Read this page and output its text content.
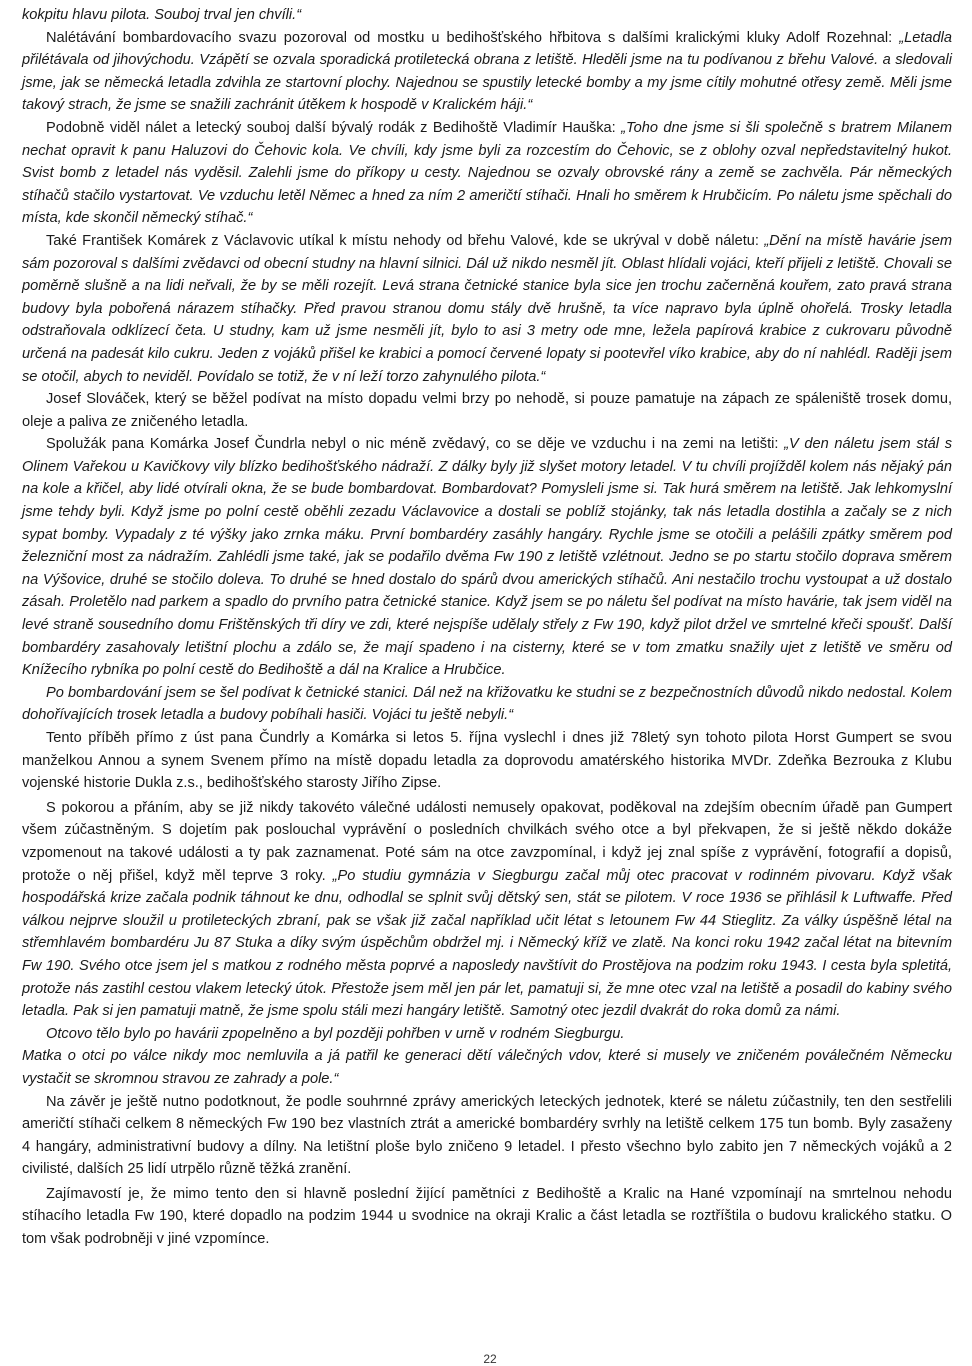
kokpitu hlavu pilota. Souboj trval jen chvíli.“

Nalétávání bombardovacího svazu pozoroval od mostku u bedihošťského hřbitova s dalšími kralickými kluky Adolf Rozehnal: „Letadla přilétávala od jihovýchodu. Vzápětí se ozvala sporadická protiletecká obrana z letiště. Hleděli jsme na tu podívanou z břehu Valové. a sledovali jsme, jak se německá letadla zdvihla ze startovní plochy. Najednou se spustily letecké bomby a my jsme cítily mohutné otřesy země. Měli jsme takový strach, že jsme se snažili zachránit útěkem k hospodě v Kralickém háji.“

Podobně viděl nálet a letecký souboj další bývalý rodák z Bedihoště Vladimír Hauška: „Toho dne jsme si šli společně s bratrem Milanem nechat opravit k panu Haluzovi do Čehovic kola. Ve chvíli, kdy jsme byli za rozcestím do Čehovic, se z oblohy ozval nepředstavitelný hukot. Svist bomb z letadel nás vyděsil. Zalehli jsme do příkopy u cesty. Najednou se ozvaly obrovské rány a země se zachvěla. Pár německých stíhačů stačilo vystartovat. Ve vzduchu letěl Němec a hned za ním 2 američtí stíhači. Hnali ho směrem k Hrubčicím. Po náletu jsme spěchali do místa, kde skončil německý stíhač.“

Také František Komárek z Václavovic utíkal k místu nehody od břehu Valové, kde se ukrýval v době náletu: „Dění na místě havárie jsem sám pozoroval s dalšími zvědavci od obecní studny na hlavní silnici. Dál už nikdo nesměl jít. Oblast hlídali vojáci, kteří přijeli z letiště. Chovali se poměrně slušně a na lidi neřvali, že by se měli rozejít. Levá strana četnické stanice byla sice jen trochu začerněná kouřem, zato pravá strana budovy byla pobořená nárazem stíhačky. Před pravou stranou domu stály dvě hrušně, ta více napravo byla úplně ohořelá. Trosky letadla odstraňovala odklízecí četa. U studny, kam už jsme nesměli jít, bylo to asi 3 metry ode mne, ležela papírová krabice z cukrovaru původně určená na padesát kilo cukru. Jeden z vojáků přišel ke krabici a pomocí červené lopaty si pootevřel víko krabice, aby do ní nahlédl. Raději jsem se otočil, abych to neviděl. Povídalo se totiž, že v ní leží torzo zahynulého pilota.“

Josef Slováček, který se běžel podívat na místo dopadu velmi brzy po nehodě, si pouze pamatuje na zápach ze spáleniště trosek domu, oleje a paliva ze zničeného letadla.

Spolužák pana Komárka Josef Čundrla nebyl o nic méně zvědavý, co se děje ve vzduchu i na zemi na letišti: „V den náletu jsem stál s Olinem Vařekou u Kavičkovy vily blízko bedihošťského nádraží. Z dálky byly již slyšet motory letadel. V tu chvíli projížděl kolem nás nějaký pán na kole a křičel, aby lidé otvírali okna, že se bude bombardovat. Bombardovat? Pomysleli jsme si. Tak hurá směrem na letiště. Jak lehkomyslní jsme tehdy byli. Když jsme po polní cestě oběhli zezadu Václavovice a dostali se poblíž stojánky, tak nás letadla dostihla a začaly se z nich sypat bomby. Vypadaly z té výšky jako zrnka máku. První bombardéry zasáhly hangáry. Rychle jsme se otočili a pelášili zpátky směrem pod železniční most za nádražím. Zahlédli jsme také, jak se podařilo dvěma Fw 190 z letiště vzlétnout. Jedno se po startu stočilo doprava směrem na Výšovice, druhé se stočilo doleva. To druhé se hned dostalo do spárů dvou amerických stíhačů. Ani nestačilo trochu vystoupat a už dostalo zásah. Proletělo nad parkem a spadlo do prvního patra četnické stanice. Když jsem se po náletu šel podívat na místo havárie, tak jsem viděl na levé straně sousedního domu Frištěnských tři díry ve zdi, které nejspíše udělaly střely z Fw 190, když pilot držel ve smrtelné křeči spoušť. Další bombardéry zasahovaly letištní plochu a zdálo se, že mají spadeno i na cisterny, které se v tom zmatku snažily ujet z letiště ve směru od Knížecího rybníka po polní cestě do Bedihoště a dál na Kralice a Hrubčice.

Po bombardování jsem se šel podívat k četnické stanici. Dál než na křižovatku ke studni se z bezpečnostních důvodů nikdo nedostal. Kolem dohořívajících trosek letadla a budovy pobíhali hasiči. Vojáci tu ještě nebyli.“

Tento příběh přímo z úst pana Čundrly a Komárka si letos 5. října vyslechl i dnes již 78letý syn tohoto pilota Horst Gumpert se svou manželkou Annou a synem Svenem přímo na místě dopadu letadla za doprovodu amatérského historika MVDr. Zdeňka Bezrouka z Klubu vojenské historie Dukla z.s., bedihošťského starosty Jiřího Zipse.

S pokorou a přáním, aby se již nikdy takovéto válečné události nemusely opakovat, poděkoval na zdejším obecním úřadě pan Gumpert všem zúčastněným. S dojetím pak poslouchal vyprávění o posledních chvilkách svého otce a byl překvapen, že si ještě někdo dokáže vzpomenout na takové události a ty pak zaznamenat. Poté sám na otce zavzpomínal, i když jej znal spíše z vyprávění, fotografií a dopisů, protože o něj přišel, když měl teprve 3 roky. „Po studiu gymnázia v Siegburgu začal můj otec pracovat v rodinném pivovaru. Když však hospodářská krize začala podnik táhnout ke dnu, odhodlal se splnit svůj dětský sen, stát se pilotem. V roce 1936 se přihlásil k Luftwaffe. Před válkou nejprve sloužil u protileteckých zbraní, pak se však již začal například učit létat s letounem Fw 44 Stieglitz. Za války úspěšně létal na střemhlavém bombardéru Ju 87 Stuka a díky svým úspěchům obdržel mj. i Německý kříž ve zlatě. Na konci roku 1942 začal létat na bitevním Fw 190. Svého otce jsem jel s matkou z rodného města poprvé a naposledy navštívit do Prostějova na podzim roku 1943. I cesta byla spletitá, protože nás zastihl cestou vlakem letecký útok. Přestože jsem měl jen pár let, pamatuji si, že mne otec vzal na letiště a posadil do kabiny svého letadla. Pak si jen pamatuji matně, že jsme spolu stáli mezi hangáry letiště. Samotný otec jezdil dvakrát do roka domů za námi.

Otcovo tělo bylo po havárii zpopelněno a byl později pohřben v urně v rodném Siegburgu.

Matka o otci po válce nikdy moc nemluvila a já patřil ke generaci dětí válečných vdov, které si musely ve zničeném poválečném Německu vystačit se skromnou stravou ze zahrady a pole.“

Na závěr je ještě nutno podotknout, že podle souhrnné zprávy amerických leteckých jednotek, které se náletu zúčastnily, ten den sestřelili američtí stíhači celkem 8 německých Fw 190 bez vlastních ztrát a americké bombardéry svrhly na letiště celkem 175 tun bomb. Byly zasaženy 4 hangáry, administrativní budovy a dílny. Na letištní ploše bylo zničeno 9 letadel. I přesto všechno bylo zabito jen 7 německých vojáků a 2 civilisté, dalších 25 lidí utrpělo různě těžká zranění.

Zajímavostí je, že mimo tento den si hlavně poslední žijící pamětníci z Bedihoště a Kralic na Hané vzpomínají na smrtelnou nehodu stíhacího letadla Fw 190, které dopadlo na podzim 1944 u svodnice na okraji Kralic a část letadla se roztříštila o budovu kralického statku. O tom však podrobněji v jiné vzpomínce.

22
